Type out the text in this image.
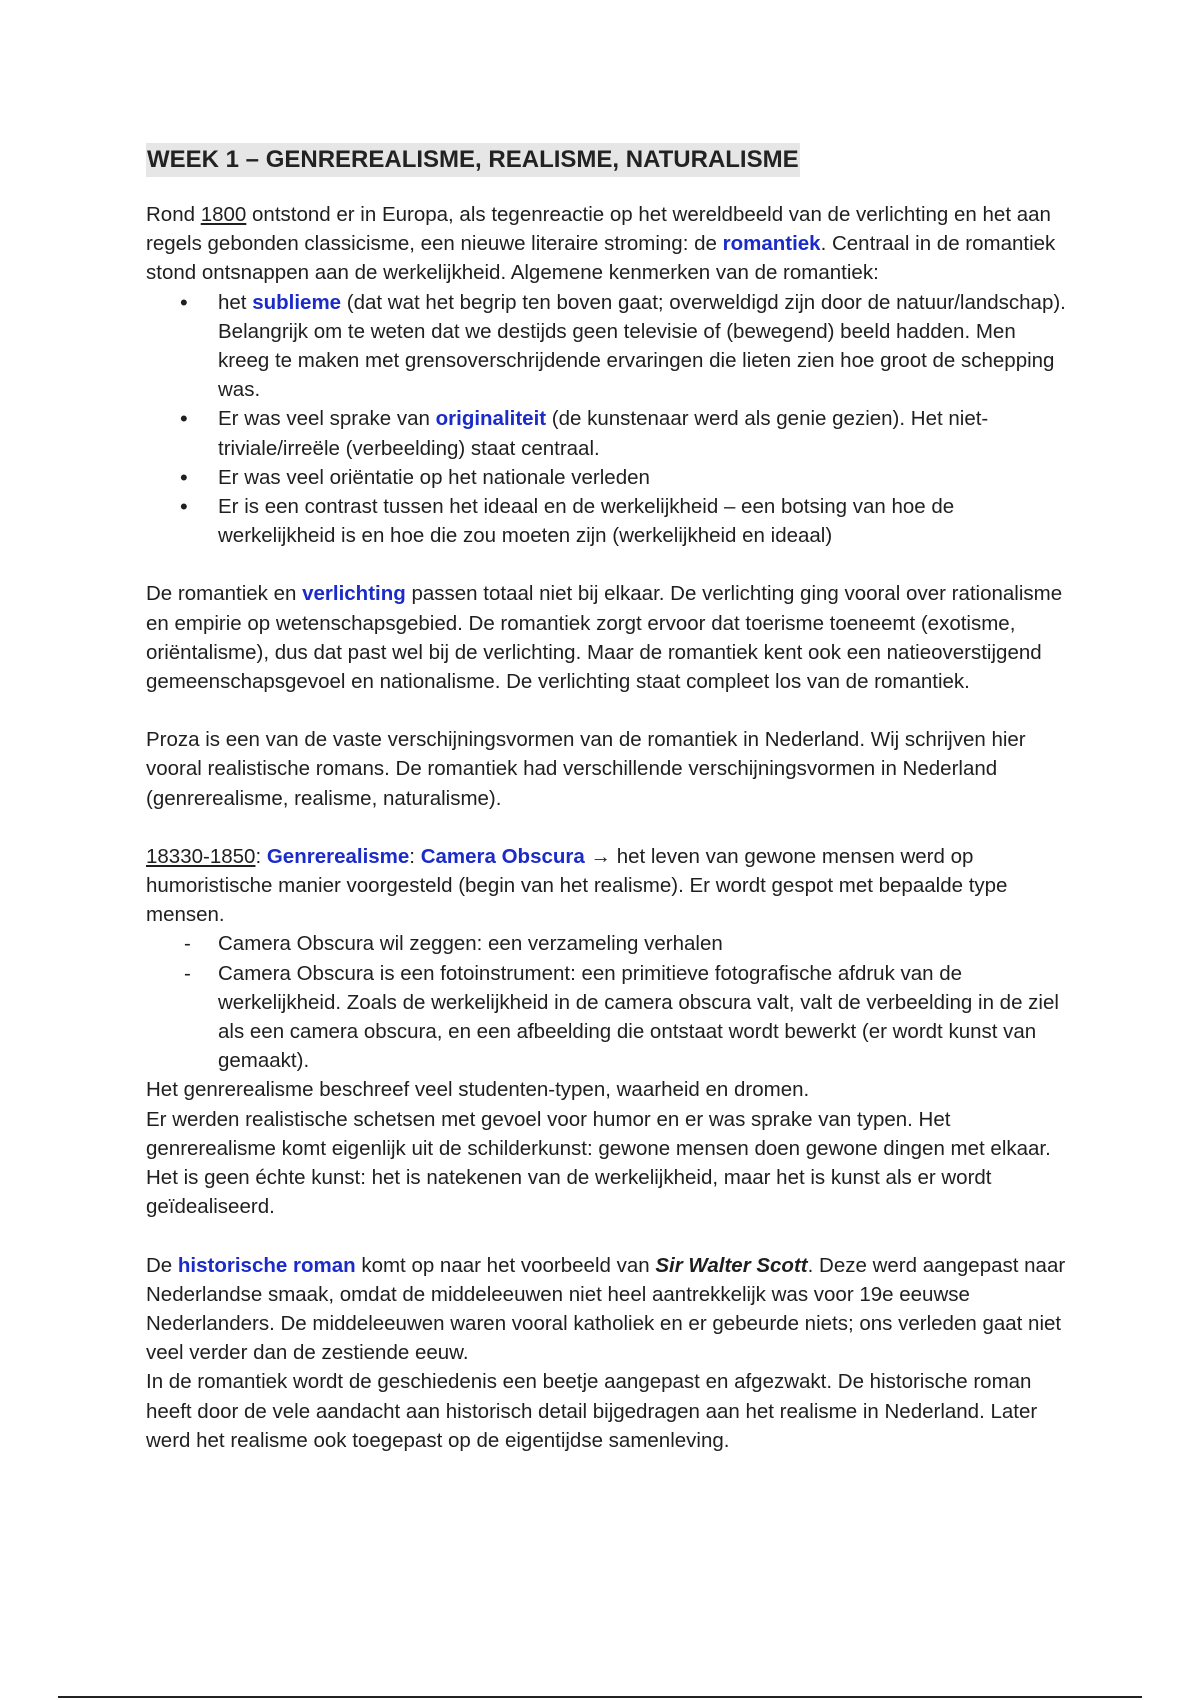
WEEK 1 – GENREREALISME, REALISME, NATURALISME

Rond 1800 ontstond er in Europa, als tegenreactie op het wereldbeeld van de verlichting en het aan regels gebonden classicisme, een nieuwe literaire stroming: de romantiek. Centraal in de romantiek stond ontsnappen aan de werkelijkheid. Algemene kenmerken van de romantiek:

• het sublieme (dat wat het begrip ten boven gaat; overweldigd zijn door de natuur/landschap). Belangrijk om te weten dat we destijds geen televisie of (bewegend) beeld hadden. Men kreeg te maken met grensoverschrijdende ervaringen die lieten zien hoe groot de schepping was.
• Er was veel sprake van originaliteit (de kunstenaar werd als genie gezien). Het niet-triviale/irreële (verbeelding) staat centraal.
• Er was veel oriëntatie op het nationale verleden
• Er is een contrast tussen het ideaal en de werkelijkheid – een botsing van hoe de werkelijkheid is en hoe die zou moeten zijn (werkelijkheid en ideaal)

De romantiek en verlichting passen totaal niet bij elkaar. De verlichting ging vooral over rationalisme en empirie op wetenschapsgebied. De romantiek zorgt ervoor dat toerisme toeneemt (exotisme, oriëntalisme), dus dat past wel bij de verlichting. Maar de romantiek kent ook een natieoverstijgend gemeenschapsgevoel en nationalisme. De verlichting staat compleet los van de romantiek.

Proza is een van de vaste verschijningsvormen van de romantiek in Nederland. Wij schrijven hier vooral realistische romans. De romantiek had verschillende verschijningsvormen in Nederland (genrerealisme, realisme, naturalisme).

18330-1850: Genrerealisme: Camera Obscura → het leven van gewone mensen werd op humoristische manier voorgesteld (begin van het realisme). Er wordt gespot met bepaalde type mensen.

- Camera Obscura wil zeggen: een verzameling verhalen
- Camera Obscura is een fotoinstrument: een primitieve fotografische afdruk van de werkelijkheid. Zoals de werkelijkheid in de camera obscura valt, valt de verbeelding in de ziel als een camera obscura, en een afbeelding die ontstaat wordt bewerkt (er wordt kunst van gemaakt).

Het genrerealisme beschreef veel studenten-typen, waarheid en dromen.

Er werden realistische schetsen met gevoel voor humor en er was sprake van typen. Het genrerealisme komt eigenlijk uit de schilderkunst: gewone mensen doen gewone dingen met elkaar. Het is geen échte kunst: het is natekenen van de werkelijkheid, maar het is kunst als er wordt geïdealiseerd.

De historische roman komt op naar het voorbeeld van Sir Walter Scott. Deze werd aangepast naar Nederlandse smaak, omdat de middeleeuwen niet heel aantrekkelijk was voor 19e eeuwse Nederlanders. De middeleeuwen waren vooral katholiek en er gebeurde niets; ons verleden gaat niet veel verder dan de zestiende eeuw.

In de romantiek wordt de geschiedenis een beetje aangepast en afgezwakt. De historische roman heeft door de vele aandacht aan historisch detail bijgedragen aan het realisme in Nederland. Later werd het realisme ook toegepast op de eigentijdse samenleving.
